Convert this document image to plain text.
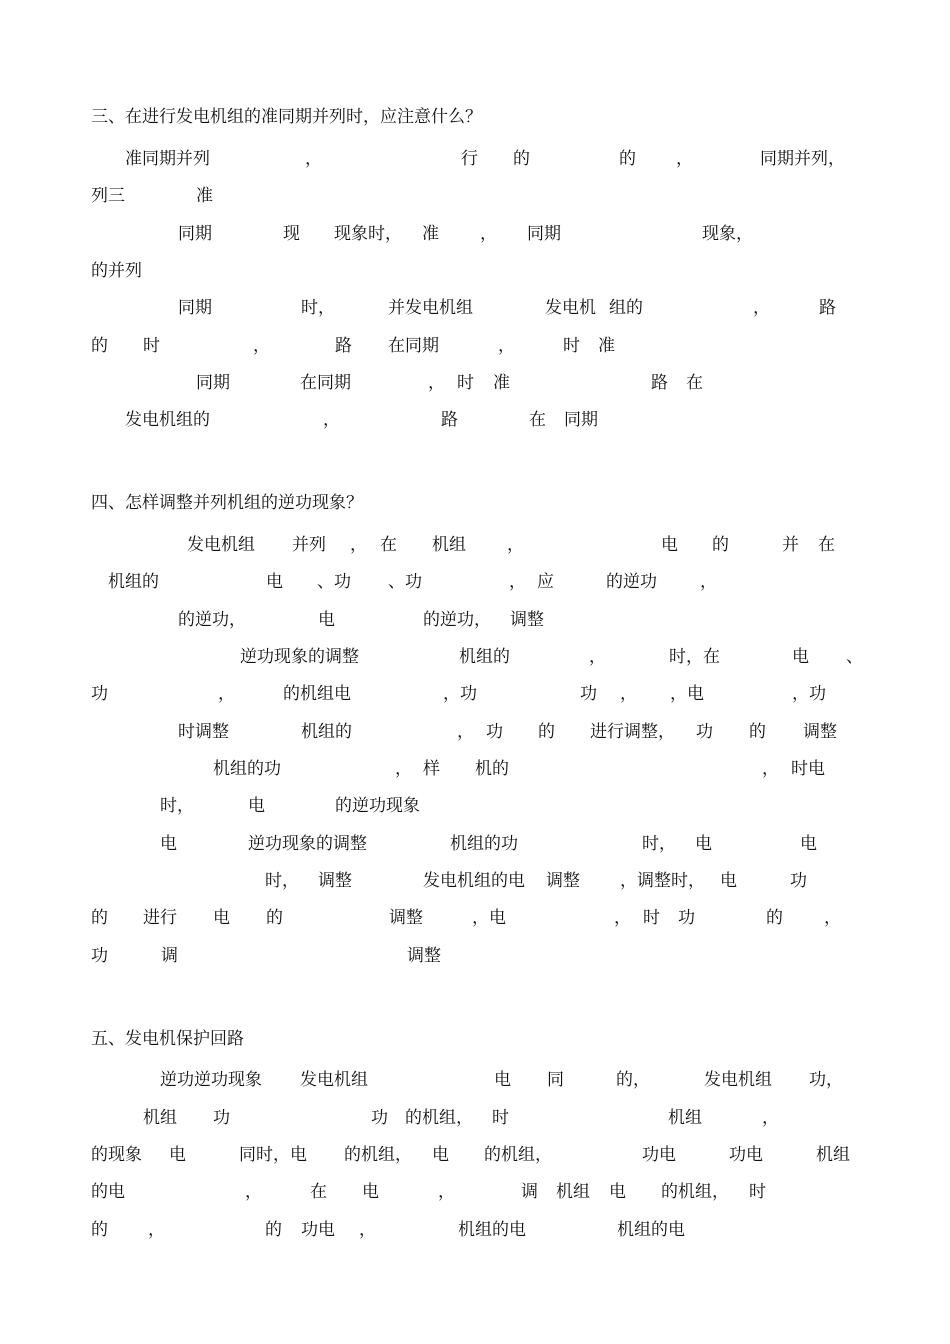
三、在进行发电机组的准同期并列时，应注意什么？
准同期并列	，	行 的	的 ，	同期并列，
列三	准
同期	现 现象时， 准 ， 同期	现象，
的并列
同期	时，	并发电机组	发电机 组的	，	路
的 时	，	路 在同期	，	时 准
同期	在同期	， 时 准	路 在
发电机组的	，	路	在 同期
四、怎样调整并列机组的逆功现象？
发电机组 并列 ， 在 机组 ，	电 的	并 在
机组的	电 、功 、功	， 应	的逆功	，
的逆功，	电	的逆功， 调整
逆功现象的调整	机组的	，	时，在	电 、
功	，	的机组电	，功	功 ， ，电	，功
时调整	机组的	， 功 的 进行调整， 功 的 调整
机组的功	， 样 机的	， 时电
时，	电	的逆功现象
电	逆功现象的调整	机组的功	时， 电	电
时， 调整	发电机组的电 调整 ，调整时， 电	功
的 进行 电 的	调整	，电	， 时 功	的 ，
功	调	调整
五、发电机保护回路
逆功逆功现象 发电机组	电 同	的，	发电机组 功，
机组 功	功 的机组， 时	机组	，
的现象 电	同时，电 的机组， 电 的机组，	功电	功电	机组
的电	，	在 电	，	调 机组 电 的机组， 时
的 ，	的 功电 ，	机组的电	机组的电
